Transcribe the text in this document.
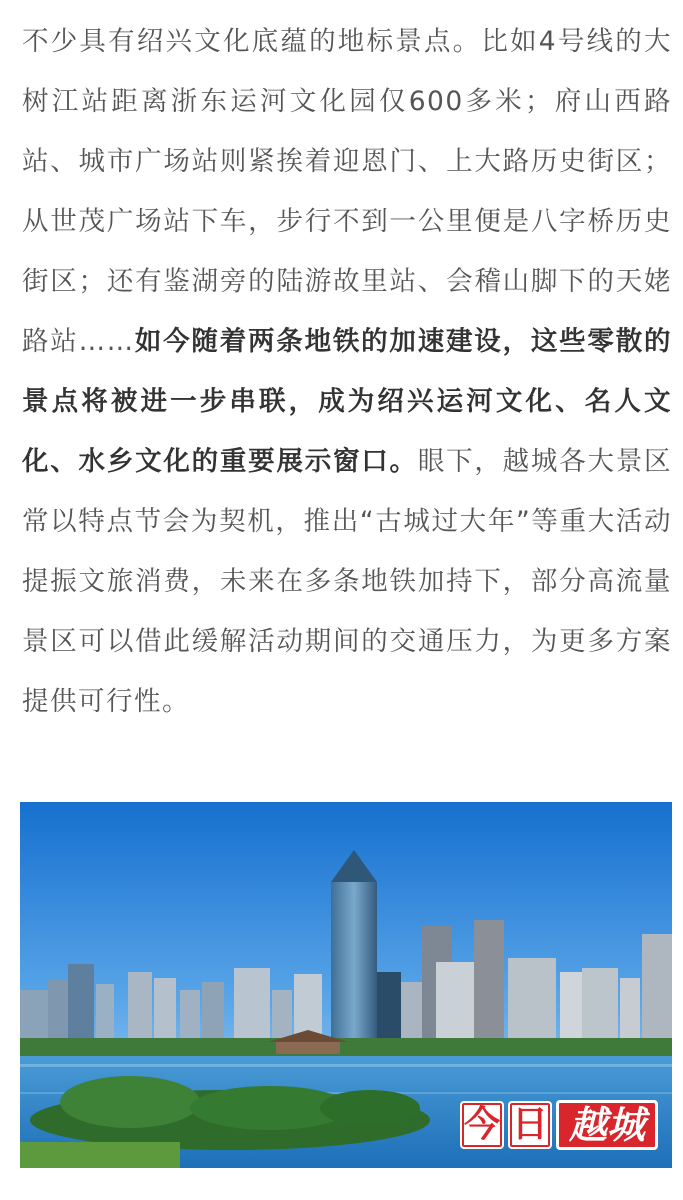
不少具有绍兴文化底蕴的地标景点。比如4号线的大树江站距离浙东运河文化园仅600多米；府山西路站、城市广场站则紧挨着迎恩门、上大路历史街区；从世茂广场站下车，步行不到一公里便是八字桥历史街区；还有鉴湖旁的陆游故里站、会稽山脚下的天姥路站……如今随着两条地铁的加速建设，这些零散的景点将被进一步串联，成为绍兴运河文化、名人文化、水乡文化的重要展示窗口。眼下，越城各大景区常以特点节会为契机，推出“古城过大年”等重大活动提振文旅消费，未来在多条地铁加持下，部分高流量景区可以借此缓解活动期间的交通压力，为更多方案提供可行性。

今 日 越城
